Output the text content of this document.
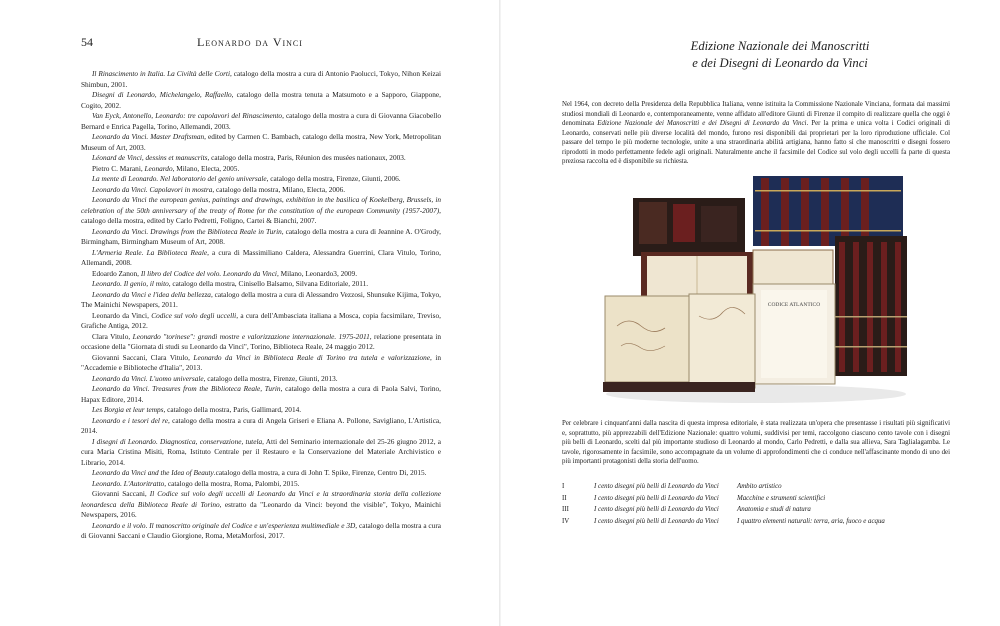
54	Leonardo da Vinci

Il Rinascimento in Italia. La Civiltà delle Corti, catalogo della mostra a cura di Antonio Paolucci, Tokyo, Nihon Keizai Shimbun, 2001.

Disegni di Leonardo, Michelangelo, Raffaello, catalogo della mostra tenuta a Matsumoto e a Sapporo, Giappone, Cogito, 2002.

Van Eyck, Antonello, Leonardo: tre capolavori del Rinascimento, catalogo della mostra a cura di Giovanna Giacobello Bernard e Enrica Pagella, Torino, Allemandi, 2003.

Leonardo da Vinci. Master Draftsman, edited by Carmen C. Bambach, catalogo della mostra, New York, Metropolitan Museum of Art, 2003.

Léonard de Vinci, dessins et manuscrits, catalogo della mostra, Paris, Réunion des musées nationaux, 2003.

Pietro C. Marani, Leonardo, Milano, Electa, 2005.

La mente di Leonardo. Nel laboratorio del genio universale, catalogo della mostra, Firenze, Giunti, 2006.

Leonardo da Vinci. Capolavori in mostra, catalogo della mostra, Milano, Electa, 2006.

Leonardo da Vinci the european genius, paintings and drawings, exhibition in the basilica of Koekelberg, Brussels, in celebration of the 50th anniversary of the treaty of Rome for the constitution of the european Community (1957-2007), catalogo della mostra, edited by Carlo Pedretti, Foligno, Cartei & Bianchi, 2007.

Leonardo da Vinci. Drawings from the Biblioteca Reale in Turin, catalogo della mostra a cura di Jeannine A. O'Grody, Birmingham, Birmingham Museum of Art, 2008.

L'Armeria Reale. La Biblioteca Reale, a cura di Massimiliano Caldera, Alessandra Guerrini, Clara Vitulo, Torino, Allemandi, 2008.

Edoardo Zanon, Il libro del Codice del volo. Leonardo da Vinci, Milano, Leonardo3, 2009.

Leonardo. Il genio, il mito, catalogo della mostra, Cinisello Balsamo, Silvana Editoriale, 2011.

Leonardo da Vinci e l'idea della bellezza, catalogo della mostra a cura di Alessandro Vezzosi, Shunsuke Kijima, Tokyo, The Mainichi Newspapers, 2011.

Leonardo da Vinci, Codice sul volo degli uccelli, a cura dell'Ambasciata italiana a Mosca, copia facsimilare, Treviso, Grafiche Antiga, 2012.

Clara Vitulo, Leonardo "torinese": grandi mostre e valorizzazione internazionale. 1975-2011, relazione presentata in occasione della "Giornata di studi su Leonardo da Vinci", Torino, Biblioteca Reale, 24 maggio 2012.

Giovanni Saccani, Clara Vitulo, Leonardo da Vinci in Biblioteca Reale di Torino tra tutela e valorizzazione, in "Accademie e Biblioteche d'Italia", 2013.

Leonardo da Vinci. L'uomo universale, catalogo della mostra, Firenze, Giunti, 2013.

Leonardo da Vinci. Treasures from the Biblioteca Reale, Turin, catalogo della mostra a cura di Paola Salvi, Torino, Hapax Editore, 2014.

Les Borgia et leur temps, catalogo della mostra, Paris, Gallimard, 2014.

Leonardo e i tesori del re, catalogo della mostra a cura di Angela Griseri e Eliana A. Pollone, Savigliano, L'Artistica, 2014.

I disegni di Leonardo. Diagnostica, conservazione, tutela, Atti del Seminario internazionale del 25-26 giugno 2012, a cura Maria Cristina Misiti, Roma, Istituto Centrale per il Restauro e la Conservazione del Materiale Archivistico e Librario, 2014.

Leonardo da Vinci and the Idea of Beauty.catalogo della mostra, a cura di John T. Spike, Firenze, Centro Di, 2015.

Leonardo. L'Autoritratto, catalogo della mostra, Roma, Palombi, 2015.

Giovanni Saccani, Il Codice sul volo degli uccelli di Leonardo da Vinci e la straordinaria storia della collezione leonardesca della Biblioteca Reale di Torino, estratto da "Leonardo da Vinci: beyond the visible", Tokyo, Mainichi Newspapers, 2016.

Leonardo e il volo. Il manoscritto originale del Codice e un'esperienza multimediale e 3D, catalogo della mostra a cura di Giovanni Saccani e Claudio Giorgione, Roma, MetaMorfosi, 2017.

Edizione Nazionale dei Manoscritti
e dei Disegni di Leonardo da Vinci

Nel 1964, con decreto della Presidenza della Repubblica Italiana, venne istituita la Commissione Nazionale Vinciana, formata dai massimi studiosi mondiali di Leonardo e, contemporaneamente, venne affidato all'editore Giunti di Firenze il compito di realizzare quella che oggi è denominata Edizione Nazionale dei Manoscritti e dei Disegni di Leonardo da Vinci. Per la prima e unica volta i Codici originali di Leonardo, conservati nelle più diverse località del mondo, furono resi disponibili dai proprietari per la loro riproduzione ufficiale. Col passare del tempo le più moderne tecnologie, unite a una straordinaria abilità artigiana, hanno fatto sì che manoscritti e disegni fossero riprodotti in modo perfettamente fedele agli originali. Naturalmente anche il facsimile del Codice sul volo degli uccelli fa parte di questa preziosa raccolta ed è disponibile su richiesta.

CODICE ATLANTICO

Per celebrare i cinquant'anni dalla nascita di questa impresa editoriale, è stata realizzata un'opera che presentasse i risultati più significativi e, soprattutto, più apprezzabili dell'Edizione Nazionale: quattro volumi, suddivisi per temi, raccolgono ciascuno cento tavole con i disegni più belli di Leonardo, scelti dal più importante studioso di Leonardo al mondo, Carlo Pedretti, e dalla sua allieva, Sara Taglialagamba. Le tavole, rigorosamente in facsimile, sono accompagnate da un volume di approfondimenti che ci conduce nell'affascinante mondo di uno dei più importanti protagonisti della storia dell'uomo.

I	I cento disegni più belli di Leonardo da Vinci	Ambito artistico
II	I cento disegni più belli di Leonardo da Vinci	Macchine e strumenti scientifici
III	I cento disegni più belli di Leonardo da Vinci	Anatomia e studi di natura
IV	I cento disegni più belli di Leonardo da Vinci	I quattro elementi naturali: terra, aria, fuoco e acqua
